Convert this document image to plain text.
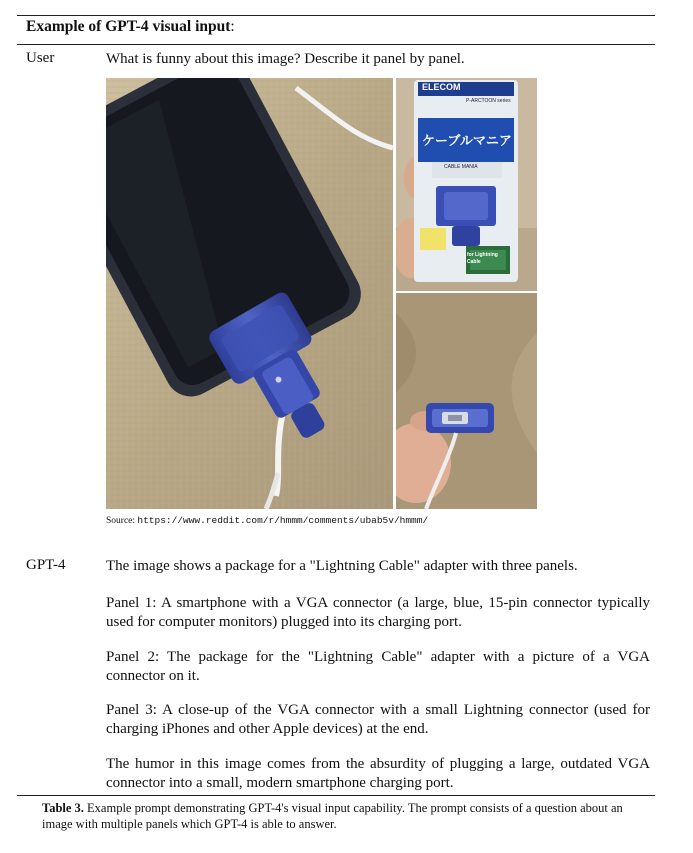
Example of GPT-4 visual input:
User	What is funny about this image? Describe it panel by panel.
ELECOM
P-ARCTOON series
ケーブルマニア
CABLE MANIA
for Lightning Cable
Source: https://www.reddit.com/r/hmmm/comments/ubab5v/hmmm/
GPT-4	The image shows a package for a "Lightning Cable" adapter with three panels.
Panel 1: A smartphone with a VGA connector (a large, blue, 15-pin connector typically used for computer monitors) plugged into its charging port.
Panel 2: The package for the "Lightning Cable" adapter with a picture of a VGA connector on it.
Panel 3: A close-up of the VGA connector with a small Lightning connector (used for charging iPhones and other Apple devices) at the end.
The humor in this image comes from the absurdity of plugging a large, outdated VGA connector into a small, modern smartphone charging port.
Table 3. Example prompt demonstrating GPT-4's visual input capability. The prompt consists of a question about an image with multiple panels which GPT-4 is able to answer.
